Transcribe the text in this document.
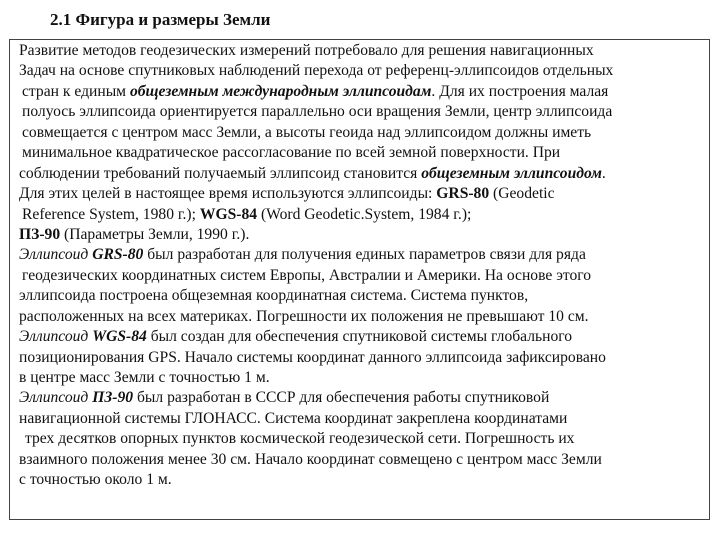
2.1 Фигура и размеры Земли
Развитие методов геодезических измерений потребовало для решения навигационных
Задач на основе спутниковых наблюдений перехода от референц-эллипсоидов отдельных
стран к единым общеземным международным эллипсоидам. Для их построения малая
полуось эллипсоида ориентируется параллельно оси вращения Земли, центр эллипсоида
совмещается с центром масс Земли, а высоты геоида над эллипсоидом должны иметь
минимальное квадратическое рассогласование по всей земной поверхности. При
соблюдении требований получаемый эллипсоид становится общеземным эллипсоидом.
Для этих целей в настоящее время используются эллипсоиды: GRS-80 (Geodetic
Reference System, 1980 г.); WGS-84 (Word Geodetic.System, 1984 г.);
ПЗ-90 (Параметры Земли, 1990 г.).
Эллипсоид GRS-80 был разработан для получения единых параметров связи для ряда
геодезических координатных систем Европы, Австралии и Америки. На основе этого
эллипсоида построена общеземная координатная система. Система пунктов,
расположенных на всех материках. Погрешности их положения не превышают 10 см.
Эллипсоид WGS-84 был создан для обеспечения спутниковой системы глобального
позиционирования GPS. Начало системы координат данного эллипсоида зафиксировано
в центре масс Земли с точностью 1 м.
Эллипсоид ПЗ-90 был разработан в СССР для обеспечения работы спутниковой
навигационной системы ГЛОНАСС. Система координат закреплена координатами
трех десятков опорных пунктов космической геодезической сети. Погрешность их
взаимного положения менее 30 см. Начало координат совмещено с центром масс Земли
с точностью около 1 м.
